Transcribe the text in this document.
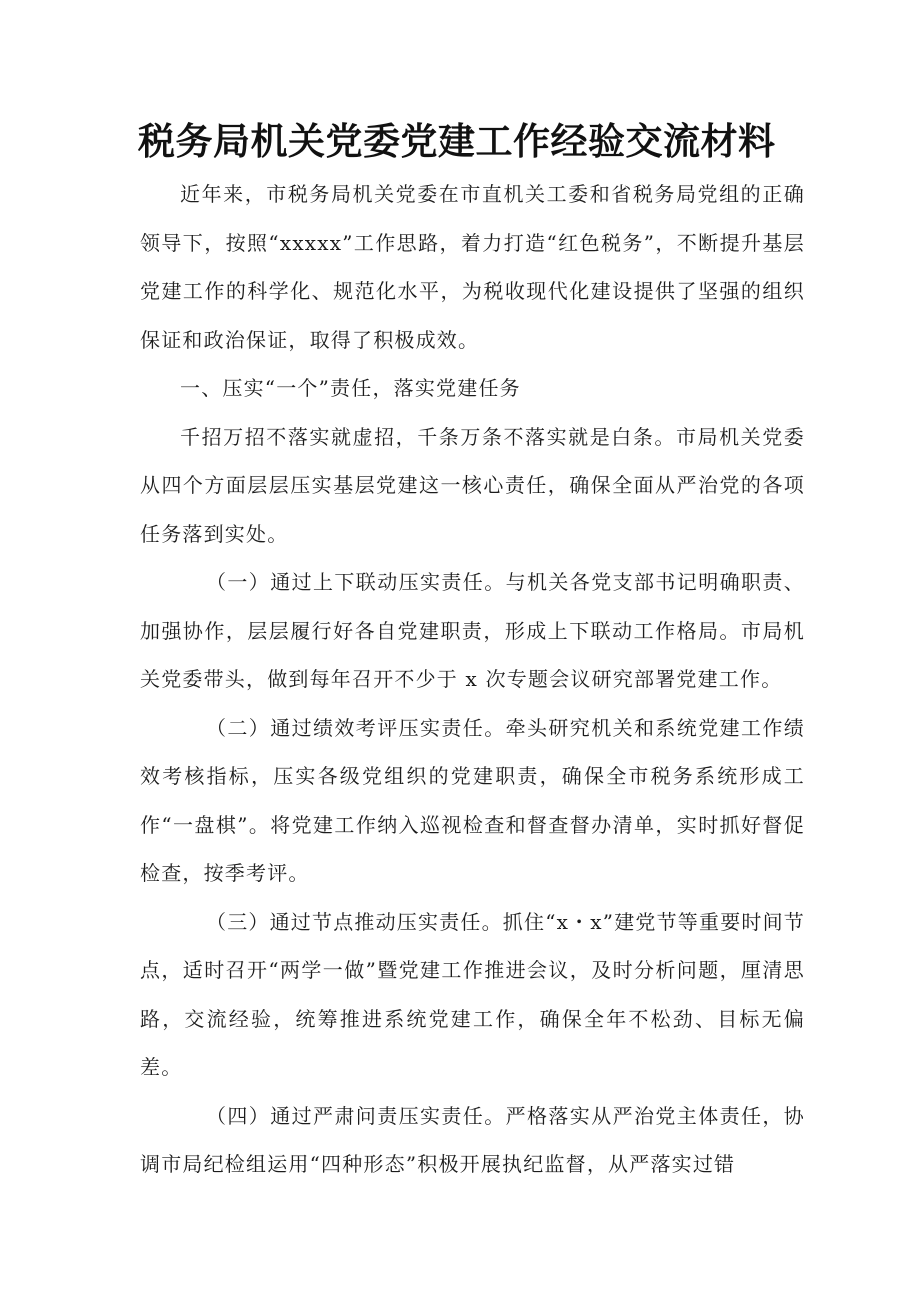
税务局机关党委党建工作经验交流材料

近年来，市税务局机关党委在市直机关工委和省税务局党组的正确领导下，按照“xxxxx”工作思路，着力打造“红色税务”，不断提升基层党建工作的科学化、规范化水平，为税收现代化建设提供了坚强的组织保证和政治保证，取得了积极成效。

一、压实“一个”责任，落实党建任务

千招万招不落实就虚招，千条万条不落实就是白条。市局机关党委从四个方面层层压实基层党建这一核心责任，确保全面从严治党的各项任务落到实处。

（一）通过上下联动压实责任。与机关各党支部书记明确职责、加强协作，层层履行好各自党建职责，形成上下联动工作格局。市局机关党委带头，做到每年召开不少于 x 次专题会议研究部署党建工作。

（二）通过绩效考评压实责任。牵头研究机关和系统党建工作绩效考核指标，压实各级党组织的党建职责，确保全市税务系统形成工作“一盘棋”。将党建工作纳入巡视检查和督查督办清单，实时抓好督促检查，按季考评。

（三）通过节点推动压实责任。抓住“x・x”建党节等重要时间节点，适时召开“两学一做”暨党建工作推进会议，及时分析问题，厘清思路，交流经验，统筹推进系统党建工作，确保全年不松劲、目标无偏差。

（四）通过严肃问责压实责任。严格落实从严治党主体责任，协调市局纪检组运用“四种形态”积极开展执纪监督，从严落实过错
